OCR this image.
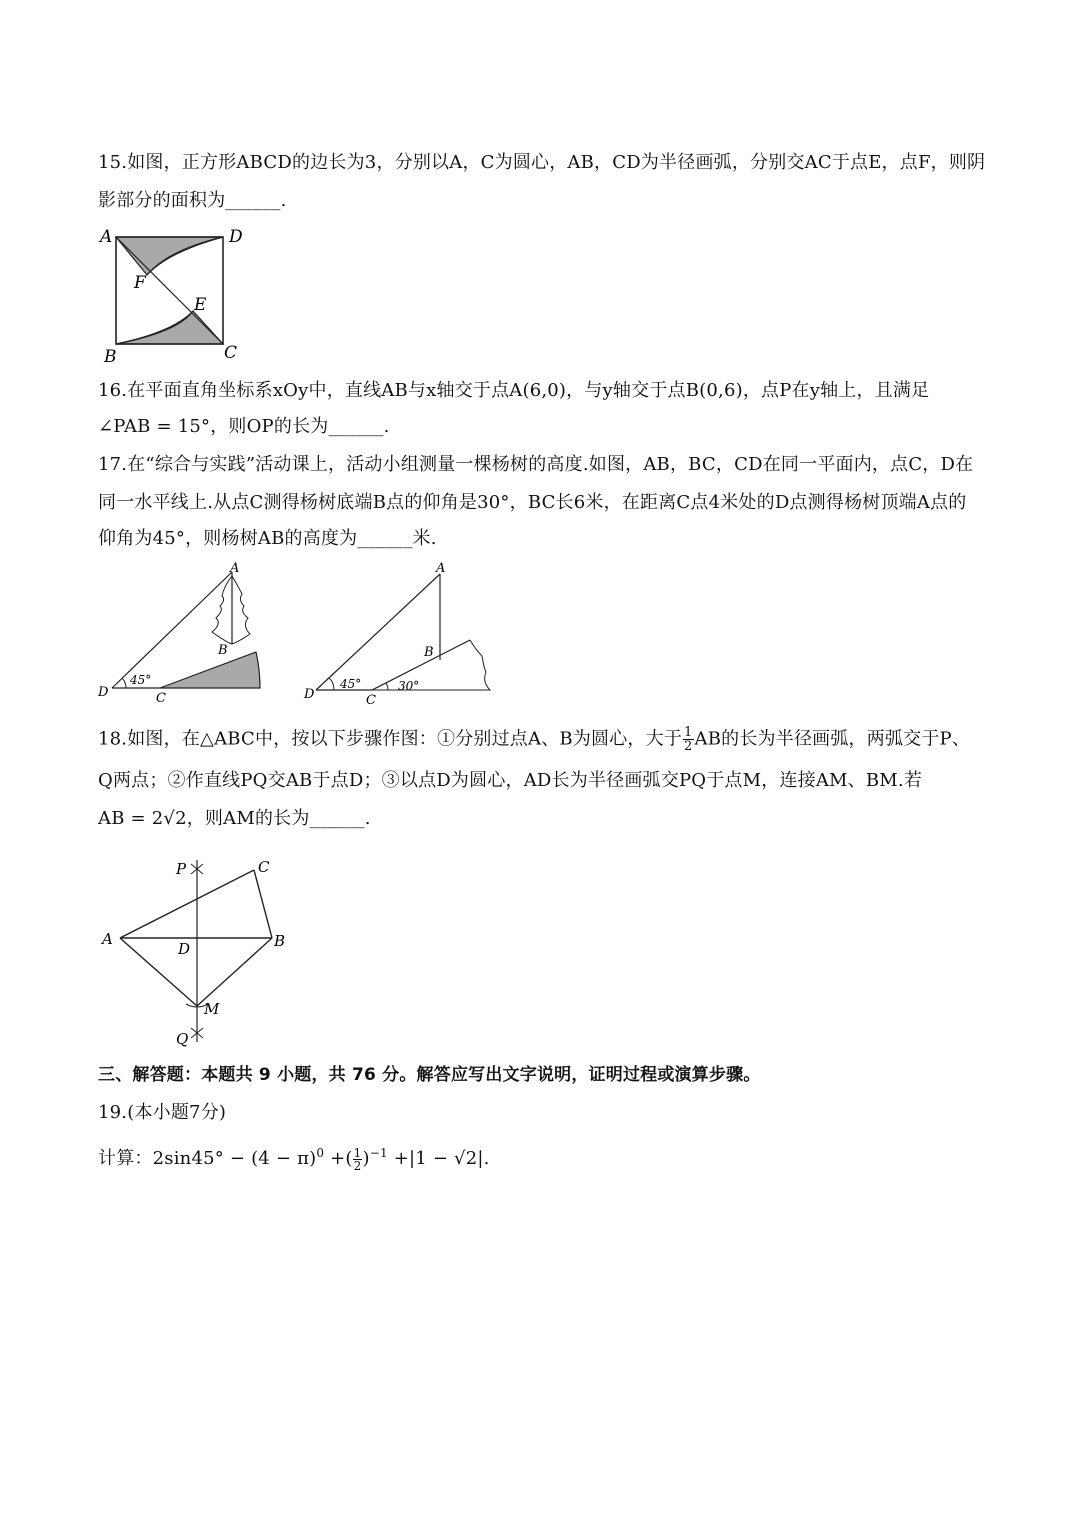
15.如图，正方形ABCD的边长为3，分别以A，C为圆心，AB，CD为半径画弧，分别交AC于点E，点F，则阴
影部分的面积为______.
A	D
F
E
B	C
16.在平面直角坐标系xOy中，直线AB与x轴交于点A(6,0)，与y轴交于点B(0,6)，点P在y轴上，且满足
∠PAB = 15°，则OP的长为______.
17.在“综合与实践”活动课上，活动小组测量一棵杨树的高度.如图，AB，BC，CD在同一平面内，点C，D在
同一水平线上.从点C测得杨树底端B点的仰角是30°，BC长6米，在距离C点4米处的D点测得杨树顶端A点的
仰角为45°，则杨树AB的高度为______米.
A
B
C
D
45°
A
B
C
D
45°	30°
18.如图，在△ABC中，按以下步骤作图：①分别过点A、B为圆心，大于 $\frac{1}{2}$ AB的长为半径画弧，两弧交于P、
Q两点；②作直线PQ交AB于点D；③以点D为圆心，AD长为半径画弧交PQ于点M，连接AM、BM.若
AB = 2√2，则AM的长为______.
P	C
A
D	B
M
Q
三、解答题：本题共 9 小题，共 76 分。解答应写出文字说明，证明过程或演算步骤。
19.(本小题7分)
计算：$2\sin 45^\circ - (4 - \pi)^0$ +( $\frac{1}{2} )^{-1} +|1 - √2|$.
